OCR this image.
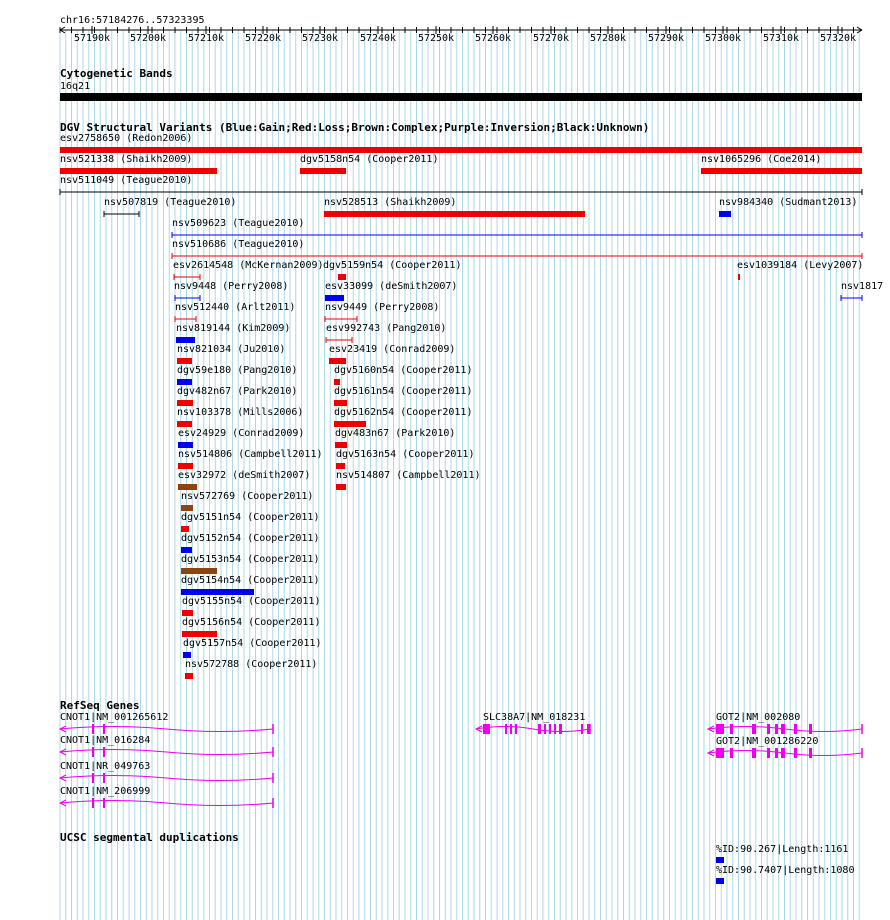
chr16:57184276..57323395
57190k 57200k 57210k 57220k 57230k 57240k 57250k 57260k 57270k 57280k 57290k 57300k 57310k 57320k
Cytogenetic Bands
16q21
DGV Structural Variants (Blue:Gain;Red:Loss;Brown:Complex;Purple:Inversion;Black:Unknown)
esv2758650 (Redon2006)
nsv521338 (Shaikh2009)	dgv5158n54 (Cooper2011)	nsv1065296 (Coe2014)
nsv511049 (Teague2010)
nsv507819 (Teague2010)	nsv528513 (Shaikh2009)	nsv984340 (Sudmant2013)
nsv509623 (Teague2010)
nsv510686 (Teague2010)
esv2614548 (McKernan2009) dgv5159n54 (Cooper2011)	esv1039184 (Levy2007)
nsv9448 (Perry2008)	esv33099 (deSmith2007)	nsv1817
nsv512440 (Arlt2011)	nsv9449 (Perry2008)
nsv819144 (Kim2009)	esv992743 (Pang2010)
nsv821034 (Ju2010)	esv23419 (Conrad2009)
dgv59e180 (Pang2010)	dgv5160n54 (Cooper2011)
dgv482n67 (Park2010)	dgv5161n54 (Cooper2011)
nsv103378 (Mills2006)	dgv5162n54 (Cooper2011)
esv24929 (Conrad2009)	dgv483n67 (Park2010)
nsv514806 (Campbell2011) dgv5163n54 (Cooper2011)
esv32972 (deSmith2007)	nsv514807 (Campbell2011)
nsv572769 (Cooper2011)
dgv5151n54 (Cooper2011)
dgv5152n54 (Cooper2011)
dgv5153n54 (Cooper2011)
dgv5154n54 (Cooper2011)
dgv5155n54 (Cooper2011)
dgv5156n54 (Cooper2011)
dgv5157n54 (Cooper2011)
nsv572788 (Cooper2011)
RefSeq Genes
CNOT1|NM_001265612	SLC38A7|NM_018231	GOT2|NM_002080
CNOT1|NM_016284	GOT2|NM_001286220
CNOT1|NR_049763
CNOT1|NM_206999
UCSC segmental duplications
%ID:90.267|Length:1161
%ID:90.7407|Length:1080
